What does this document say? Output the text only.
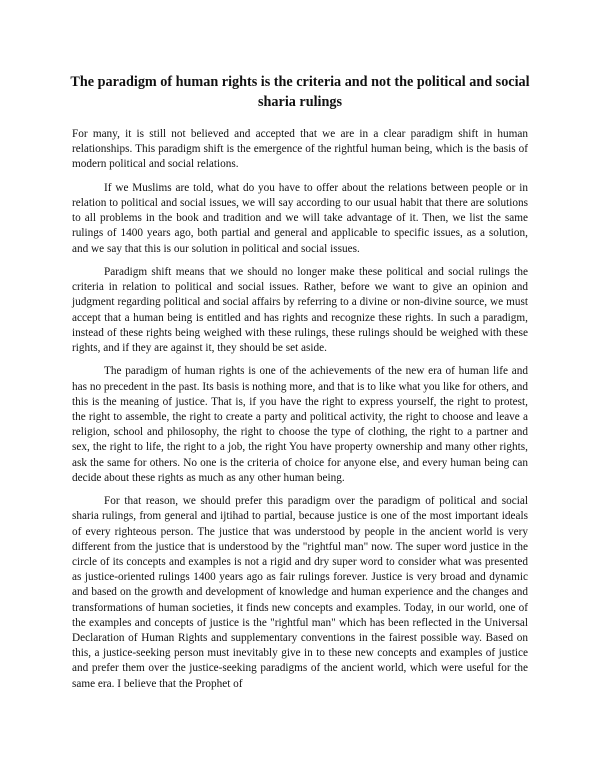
The paradigm of human rights is the criteria and not the political and social sharia rulings

For many, it is still not believed and accepted that we are in a clear paradigm shift in human relationships. This paradigm shift is the emergence of the rightful human being, which is the basis of modern political and social relations.

If we Muslims are told, what do you have to offer about the relations between people or in relation to political and social issues, we will say according to our usual habit that there are solutions to all problems in the book and tradition and we will take advantage of it. Then, we list the same rulings of 1400 years ago, both partial and general and applicable to specific issues, as a solution, and we say that this is our solution in political and social issues.

Paradigm shift means that we should no longer make these political and social rulings the criteria in relation to political and social issues. Rather, before we want to give an opinion and judgment regarding political and social affairs by referring to a divine or non-divine source, we must accept that a human being is entitled and has rights and recognize these rights. In such a paradigm, instead of these rights being weighed with these rulings, these rulings should be weighed with these rights, and if they are against it, they should be set aside.

The paradigm of human rights is one of the achievements of the new era of human life and has no precedent in the past. Its basis is nothing more, and that is to like what you like for others, and this is the meaning of justice. That is, if you have the right to express yourself, the right to protest, the right to assemble, the right to create a party and political activity, the right to choose and leave a religion, school and philosophy, the right to choose the type of clothing, the right to a partner and sex, the right to life, the right to a job, the right You have property ownership and many other rights, ask the same for others. No one is the criteria of choice for anyone else, and every human being can decide about these rights as much as any other human being.

For that reason, we should prefer this paradigm over the paradigm of political and social sharia rulings, from general and ijtihad to partial, because justice is one of the most important ideals of every righteous person. The justice that was understood by people in the ancient world is very different from the justice that is understood by the "rightful man" now. The super word justice in the circle of its concepts and examples is not a rigid and dry super word to consider what was presented as justice-oriented rulings 1400 years ago as fair rulings forever. Justice is very broad and dynamic and based on the growth and development of knowledge and human experience and the changes and transformations of human societies, it finds new concepts and examples. Today, in our world, one of the examples and concepts of justice is the "rightful man" which has been reflected in the Universal Declaration of Human Rights and supplementary conventions in the fairest possible way. Based on this, a justice-seeking person must inevitably give in to these new concepts and examples of justice and prefer them over the justice-seeking paradigms of the ancient world, which were useful for the same era. I believe that the Prophet of
